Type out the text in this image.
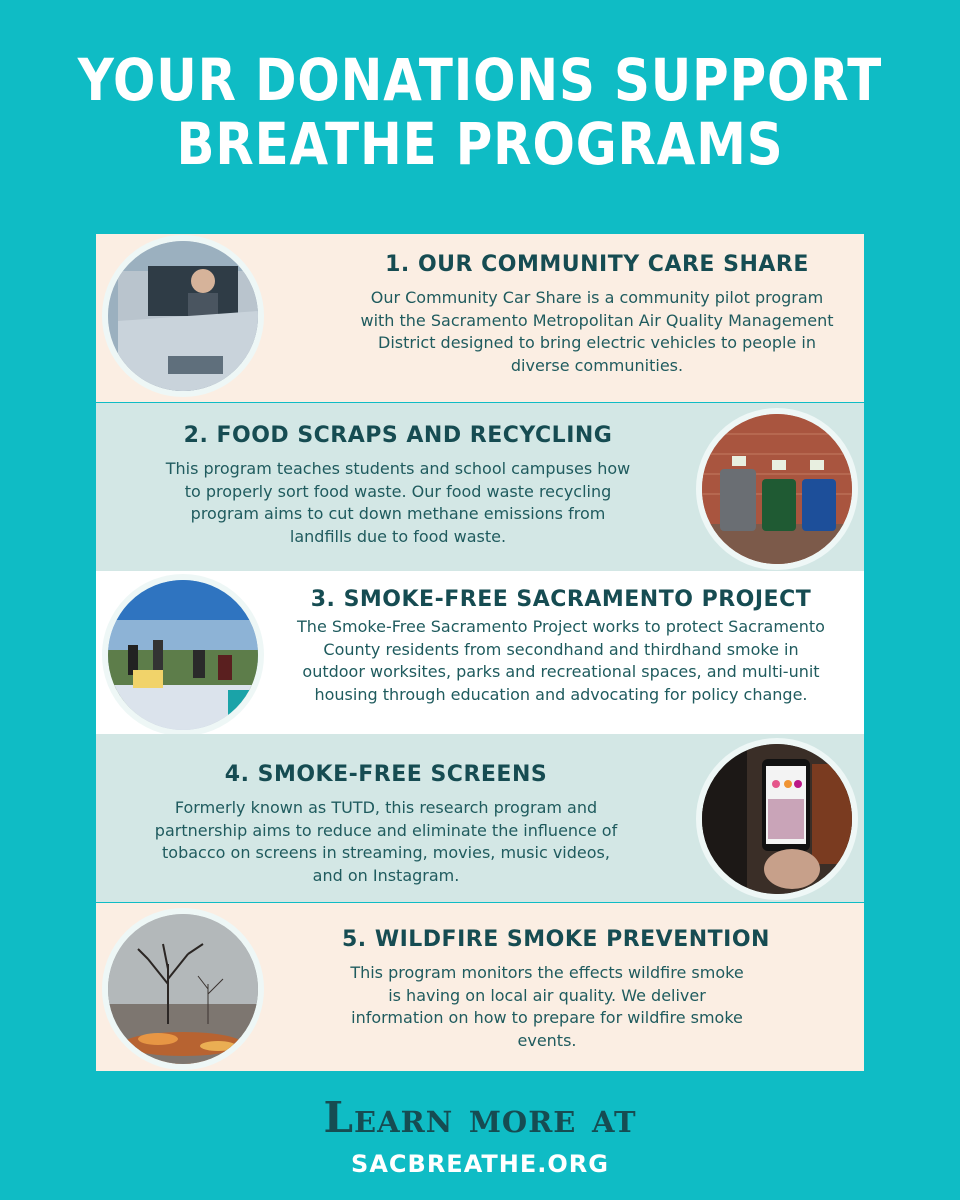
YOUR DONATIONS SUPPORT
BREATHE PROGRAMS
1. OUR COMMUNITY CARE SHARE

Our Community Car Share is a community pilot program with the Sacramento Metropolitan Air Quality Management District designed to bring electric vehicles to people in diverse communities.

2. FOOD SCRAPS AND RECYCLING

This program teaches students and school campuses how to properly sort food waste. Our food waste recycling program aims to cut down methane emissions from landfills due to food waste.

3. SMOKE-FREE SACRAMENTO PROJECT

The Smoke-Free Sacramento Project works to protect Sacramento County residents from secondhand and thirdhand smoke in outdoor worksites, parks and recreational spaces, and multi-unit housing through education and advocating for policy change.

4. SMOKE-FREE SCREENS

Formerly known as TUTD, this research program and partnership aims to reduce and eliminate the influence of tobacco on screens in streaming, movies, music videos, and on Instagram.

5. WILDFIRE SMOKE PREVENTION

This program monitors the effects wildfire smoke is having on local air quality. We deliver information on how to prepare for wildfire smoke events.

Learn more at
SACBREATHE.ORG
